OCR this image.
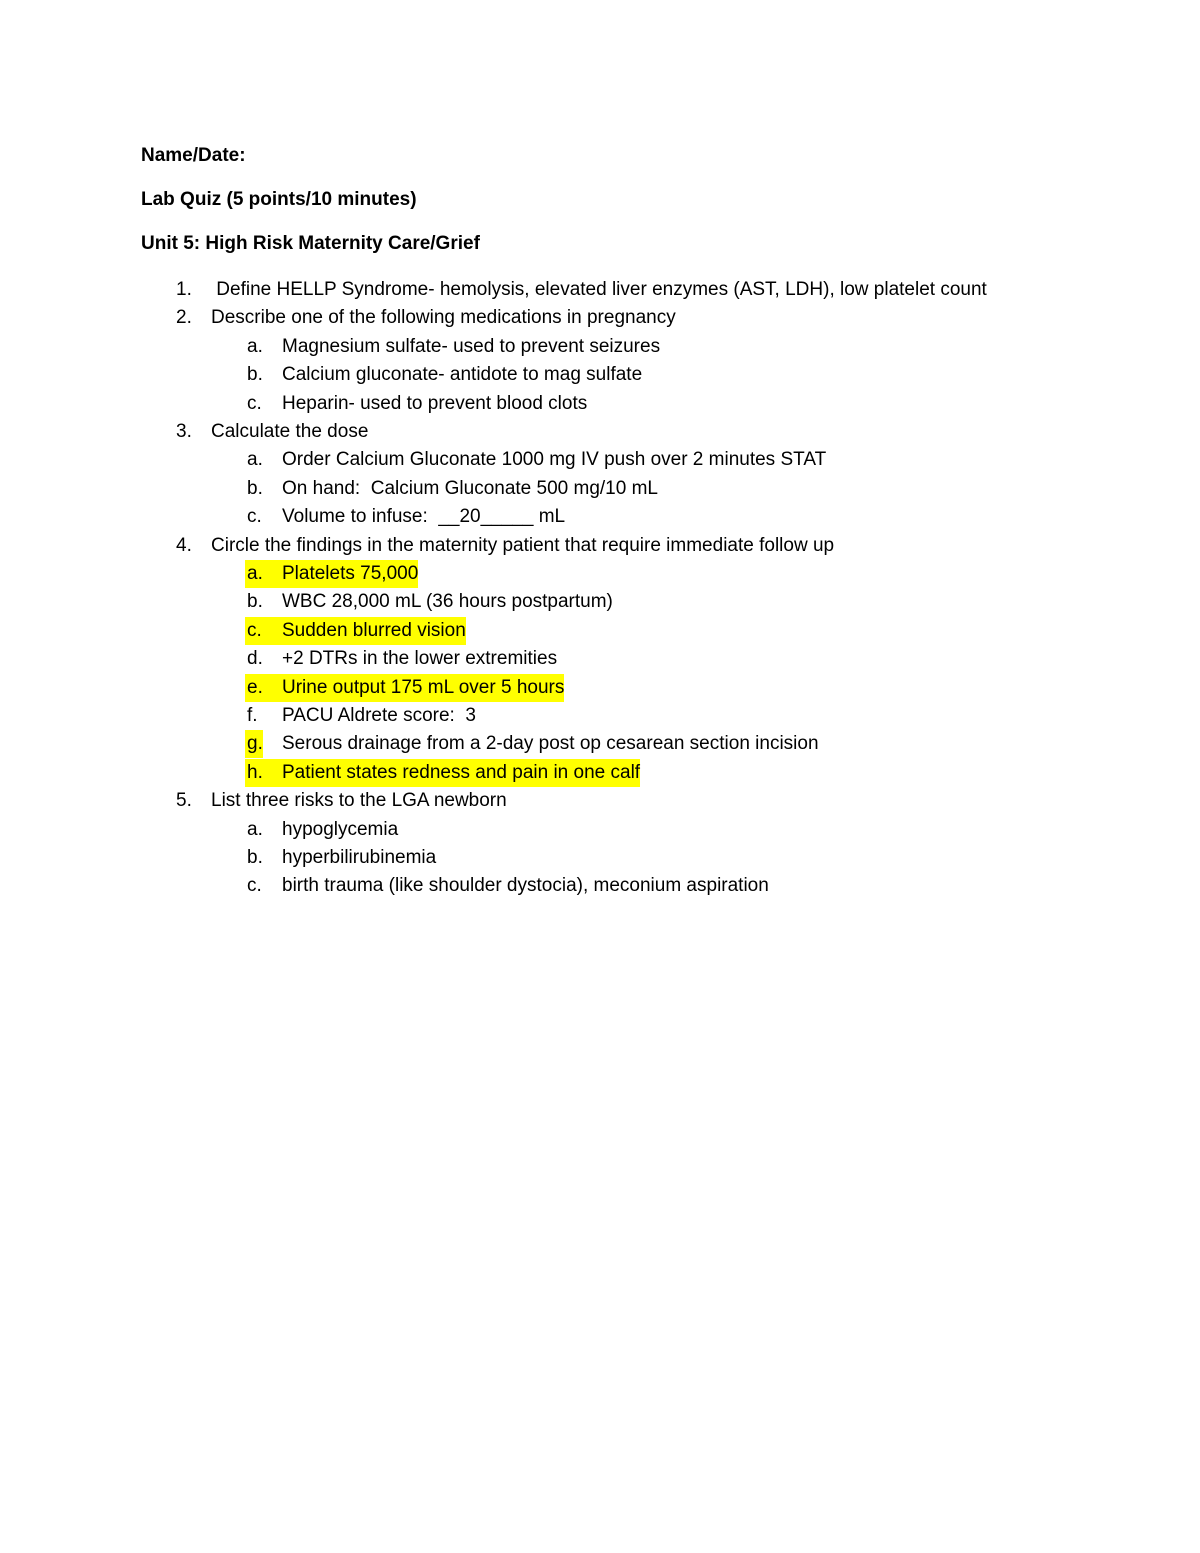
Name/Date:
Lab Quiz (5 points/10 minutes)
Unit 5: High Risk Maternity Care/Grief
1.	Define HELLP Syndrome- hemolysis, elevated liver enzymes (AST, LDH), low platelet count
2.	Describe one of the following medications in pregnancy
a.	Magnesium sulfate- used to prevent seizures
b.	Calcium gluconate- antidote to mag sulfate
c.	Heparin- used to prevent blood clots
3.	Calculate the dose
a.	Order Calcium Gluconate 1000 mg IV push over 2 minutes STAT
b.	On hand:  Calcium Gluconate 500 mg/10 mL
c.	Volume to infuse:  __20_____ mL
4.	Circle the findings in the maternity patient that require immediate follow up
a.	Platelets 75,000
b.	WBC 28,000 mL (36 hours postpartum)
c.	Sudden blurred vision
d.	+2 DTRs in the lower extremities
e.	Urine output 175 mL over 5 hours
f.	PACU Aldrete score:  3
g. Serous drainage from a 2-day post op cesarean section incision
h.	Patient states redness and pain in one calf
5.	List three risks to the LGA newborn
a.	hypoglycemia
b.	hyperbilirubinemia
c.	birth trauma (like shoulder dystocia), meconium aspiration
